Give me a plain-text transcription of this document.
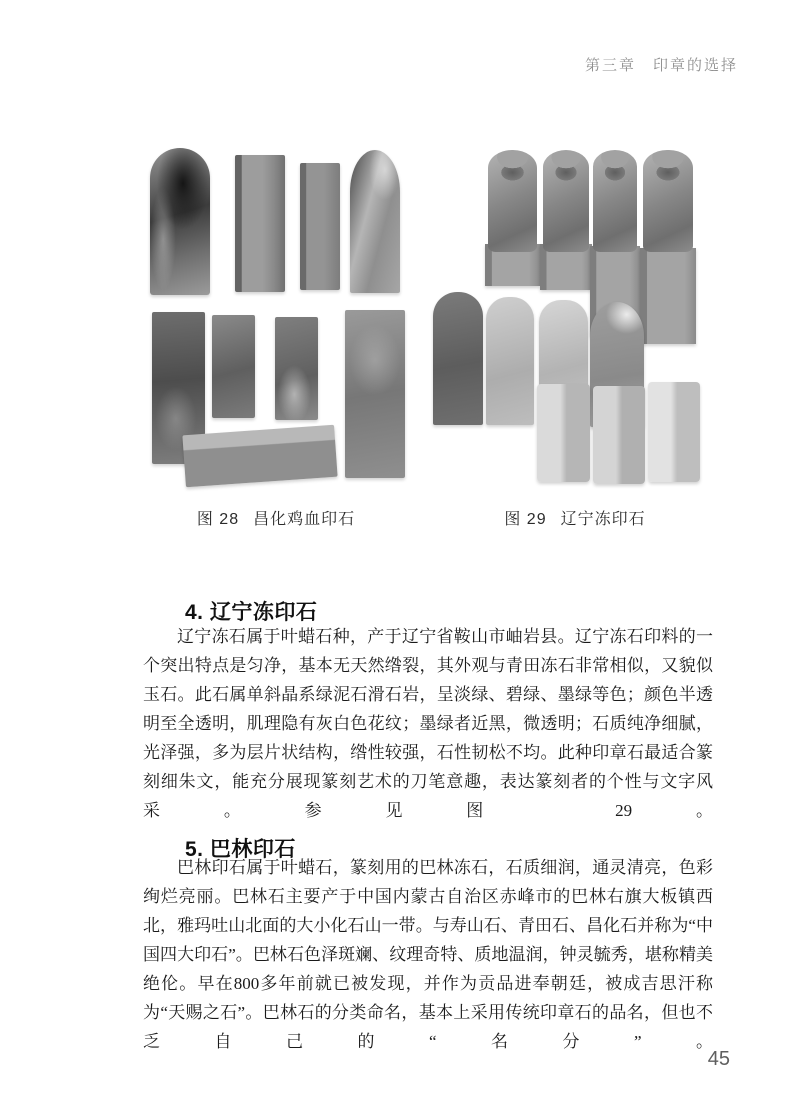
第三章　印章的选择
图 28 昌化鸡血印石	图 29 辽宁冻印石
4. 辽宁冻印石
辽宁冻石属于叶蜡石种，产于辽宁省鞍山市岫岩县。辽宁冻石印料的一个突出特点是匀净，基本无天然绺裂，其外观与青田冻石非常相似，又貌似玉石。此石属单斜晶系绿泥石滑石岩，呈淡绿、碧绿、墨绿等色；颜色半透明至全透明，肌理隐有灰白色花纹；墨绿者近黑，微透明；石质纯净细腻，光泽强，多为层片状结构，绺性较强，石性韧松不均。此种印章石最适合篆刻细朱文，能充分展现篆刻艺术的刀笔意趣，表达篆刻者的个性与文字风采。参见图 29。
5. 巴林印石
巴林印石属于叶蜡石，篆刻用的巴林冻石，石质细润，通灵清亮，色彩绚烂亮丽。巴林石主要产于中国内蒙古自治区赤峰市的巴林右旗大板镇西北，雅玛吐山北面的大小化石山一带。与寿山石、青田石、昌化石并称为“中国四大印石”。巴林石色泽斑斓、纹理奇特、质地温润，钟灵毓秀，堪称精美绝伦。早在800多年前就已被发现，并作为贡品进奉朝廷，被成吉思汗称为“天赐之石”。巴林石的分类命名，基本上采用传统印章石的品名，但也不乏自己的“名分”。
45
